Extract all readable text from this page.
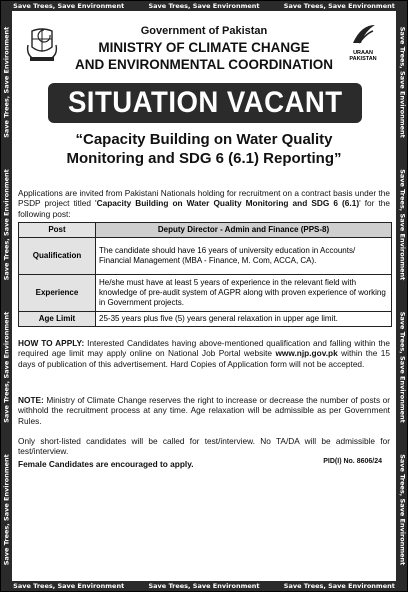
Save Trees, Save Environment	Save Trees, Save Environment	Save Trees, Save Environment
Save Trees, Save Environment	Save Trees, Save Environment	Save Trees, Save Environment
Save Trees, Save Environment
Save Trees, Save Environment
Save Trees, Save Environment
Save Trees, Save Environment	Save Trees, Save Environment
Save Trees, Save Environment
Save Trees, Save Environment
Save Trees, Save Environment
URAAN PAKISTAN
Government of Pakistan
MINISTRY OF CLIMATE CHANGE
AND ENVIRONMENTAL COORDINATION
SITUATION VACANT
“Capacity Building on Water Quality
Monitoring and SDG 6 (6.1) Reporting”
Applications are invited from Pakistani Nationals holding for recruitment on a contract basis under the PSDP project titled 'Capacity Building on Water Quality Monitoring and SDG 6 (6.1)' for the following post:
Post	Deputy Director - Admin and Finance (PPS-8)
Qualification	The candidate should have 16 years of university education in Accounts/ Financial Management (MBA - Finance, M. Com, ACCA, CA).
Experience	He/she must have at least 5 years of experience in the relevant field with knowledge of pre-audit system of AGPR along with proven experience of working in Government projects.
Age Limit	25-35 years plus five (5) years general relaxation in upper age limit.
HOW TO APPLY: Interested Candidates having above-mentioned qualification and falling within the required age limit may apply online on National Job Portal website www.njp.gov.pk within the 15 days of publication of this advertisement. Hard Copies of Application form will not be accepted.
NOTE: Ministry of Climate Change reserves the right to increase or decrease the number of posts or withhold the recruitment process at any time. Age relaxation will be admissible as per Government Rules.
Only short-listed candidates will be called for test/interview. No TA/DA will be admissible for test/interview.
Female Candidates are encouraged to apply.	PID(I) No. 8606/24
